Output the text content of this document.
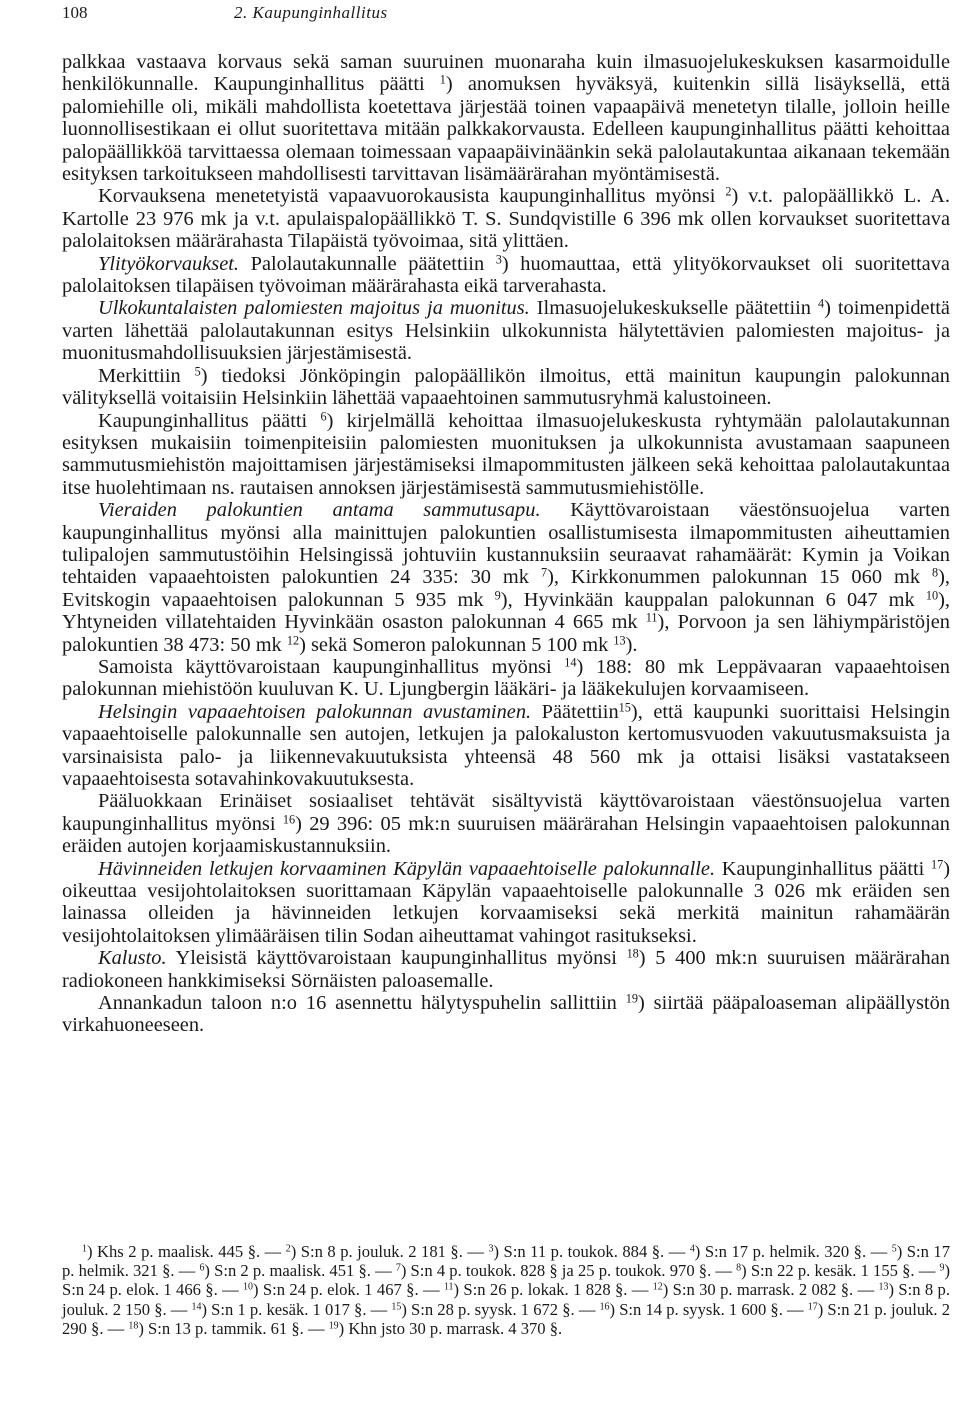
108	2. Kaupunginhallitus

palkkaa vastaava korvaus sekä saman suuruinen muonaraha kuin ilmasuojelukeskuksen kasarmoidulle henkilökunnalle. Kaupunginhallitus päätti $^1$) anomuksen hyväksyä, kuitenkin sillä lisäyksellä, että palomiehille oli, mikäli mahdollista koetettava järjestää toinen vapaapäivä menetetyn tilalle, jolloin heille luonnollisestikaan ei ollut suoritettava mitään palkkakorvausta. Edelleen kaupunginhallitus päätti kehoittaa palopäällikköä tarvittaessa olemaan toimessaan vapaapäivinäänkin sekä palolautakuntaa aikanaan tekemään esityksen tarkoitukseen mahdollisesti tarvittavan lisämäärärahan myöntämisestä.

Korvauksena menetetyistä vapaavuorokausista kaupunginhallitus myönsi $^2$) v.t. palopäällikkö L. A. Kartolle 23 976 mk ja v.t. apulaispalopäällikkö T. S. Sundqvistille 6 396 mk ollen korvaukset suoritettava palolaitoksen määrärahasta Tilapäistä työvoimaa, sitä ylittäen.

Ylityökorvaukset. Palolautakunnalle päätettiin $^3$) huomauttaa, että ylityökorvaukset oli suoritettava palolaitoksen tilapäisen työvoiman määrärahasta eikä tarverahasta.

Ulkokuntalaisten palomiesten majoitus ja muonitus. Ilmasuojelukeskukselle päätettiin $^4$) toimenpidettä varten lähettää palolautakunnan esitys Helsinkiin ulkokunnista hälytettävien palomiesten majoitus- ja muonitusmahdollisuuksien järjestämisestä.

Merkittiin $^5$) tiedoksi Jönköpingin palopäällikön ilmoitus, että mainitun kaupungin palokunnan välityksellä voitaisiin Helsinkiin lähettää vapaaehtoinen sammutusryhmä kalustoineen.

Kaupunginhallitus päätti $^6$) kirjelmällä kehoittaa ilmasuojelukeskusta ryhtymään palolautakunnan esityksen mukaisiin toimenpiteisiin palomiesten muonituksen ja ulkokunnista avustamaan saapuneen sammutusmiehistön majoittamisen järjestämiseksi ilmapommitusten jälkeen sekä kehoittaa palolautakuntaa itse huolehtimaan ns. rautaisen annoksen järjestämisestä sammutusmiehistölle.

Vieraiden palokuntien antama sammutusapu. Käyttövaroistaan väestönsuojelua varten kaupunginhallitus myönsi alla mainittujen palokuntien osallistumisesta ilmapommitusten aiheuttamien tulipalojen sammutustöihin Helsingissä johtuviin kustannuksiin seuraavat rahamäärät: Kymin ja Voikan tehtaiden vapaaehtoisten palokuntien 24 335: 30 mk $^7$), Kirkkonummen palokunnan 15 060 mk $^8$), Evitskogin vapaaehtoisen palokunnan 5 935 mk $^9$), Hyvinkään kauppalan palokunnan 6 047 mk $^{10}$), Yhtyneiden villatehtaiden Hyvinkään osaston palokunnan 4 665 mk $^{11}$), Porvoon ja sen lähiympäristöjen palokuntien 38 473: 50 mk $^{12}$) sekä Someron palokunnan 5 100 mk $^{13}$).

Samoista käyttövaroistaan kaupunginhallitus myönsi $^{14}$) 188: 80 mk Leppävaaran vapaaehtoisen palokunnan miehistöön kuuluvan K. U. Ljungbergin lääkäri- ja lääkekulujen korvaamiseen.

Helsingin vapaaehtoisen palokunnan avustaminen. Päätettiin$^{15}$), että kaupunki suorittaisi Helsingin vapaaehtoiselle palokunnalle sen autojen, letkujen ja palokaluston kertomusvuoden vakuutusmaksuista ja varsinaisista palo- ja liikennevakuutuksista yhteensä 48 560 mk ja ottaisi lisäksi vastatakseen vapaaehtoisesta sotavahinkovakuutuksesta.

Pääluokkaan Erinäiset sosiaaliset tehtävät sisältyvistä käyttövaroistaan väestönsuojelua varten kaupunginhallitus myönsi $^{16}$) 29 396: 05 mk:n suuruisen määrärahan Helsingin vapaaehtoisen palokunnan eräiden autojen korjaamiskustannuksiin.

Hävinneiden letkujen korvaaminen Käpylän vapaaehtoiselle palokunnalle. Kaupunginhallitus päätti $^{17}$) oikeuttaa vesijohtolaitoksen suorittamaan Käpylän vapaaehtoiselle palokunnalle 3 026 mk eräiden sen lainassa olleiden ja hävinneiden letkujen korvaamiseksi sekä merkitä mainitun rahamäärän vesijohtolaitoksen ylimääräisen tilin Sodan aiheuttamat vahingot rasitukseksi.

Kalusto. Yleisistä käyttövaroistaan kaupunginhallitus myönsi $^{18}$) 5 400 mk:n suuruisen määrärahan radiokoneen hankkimiseksi Sörnäisten paloasemalle.

Annankadun taloon n:o 16 asennettu hälytyspuhelin sallittiin $^{19}$) siirtää pääpaloaseman alipäällystön virkahuoneeseen.

$^1$) Khs 2 p. maalisk. 445 §. — $^2$) S:n 8 p. jouluk. 2 181 §. — $^3$) S:n 11 p. toukok. 884 §. — $^4$) S:n 17 p. helmik. 320 §. — $^5$) S:n 17 p. helmik. 321 §. — $^6$) S:n 2 p. maalisk. 451 §. — $^7$) S:n 4 p. toukok. 828 § ja 25 p. toukok. 970 §. — $^8$) S:n 22 p. kesäk. 1 155 §. — $^9$) S:n 24 p. elok. 1 466 §. — $^{10}$) S:n 24 p. elok. 1 467 §. — $^{11}$) S:n 26 p. lokak. 1 828 §. — $^{12}$) S:n 30 p. marrask. 2 082 §. — $^{13}$) S:n 8 p. jouluk. 2 150 §. — $^{14}$) S:n 1 p. kesäk. 1 017 §. — $^{15}$) S:n 28 p. syysk. 1 672 §. — $^{16}$) S:n 14 p. syysk. 1 600 §. — $^{17}$) S:n 21 p. jouluk. 2 290 §. — $^{18}$) S:n 13 p. tammik. 61 §. — $^{19}$) Khn jsto 30 p. marrask. 4 370 §.
